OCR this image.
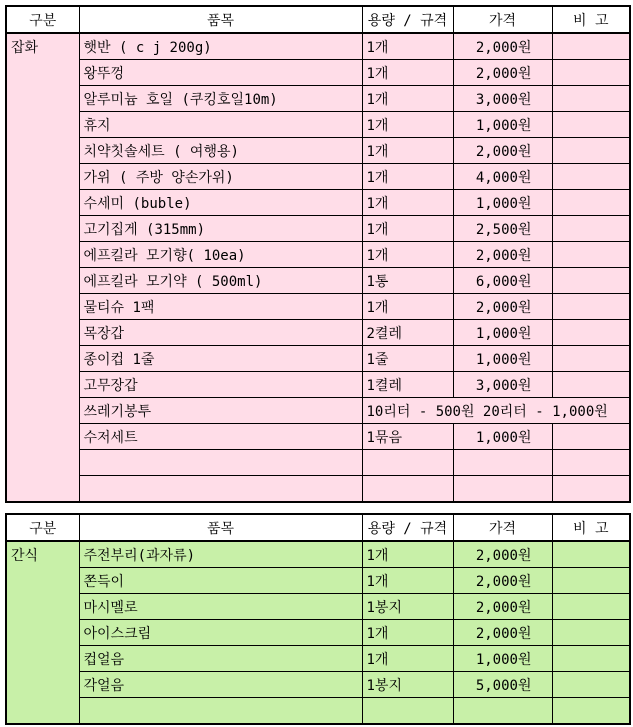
구분	품목	용량 / 규격	가격	비 고
잡화	햇반 ( c j 200g)	1개	2,000원	
	왕뚜껑	1개	2,000원	
	알루미늄 호일 (쿠킹호일10m)	1개	3,000원	
	휴지	1개	1,000원	
	치약칫솔세트 ( 여행용)	1개	2,000원	
	가위 ( 주방 양손가위)	1개	4,000원	
	수세미 (buble)	1개	1,000원	
	고기집게 (315mm)	1개	2,500원	
	에프킬라 모기향( 10ea)	1개	2,000원	
	에프킬라 모기약 ( 500ml)	1통	6,000원	
	물티슈 1팩	1개	2,000원	
	목장갑	2켤레	1,000원	
	종이컵 1줄	1줄	1,000원	
	고무장갑	1켤레	3,000원	
	쓰레기봉투	10리터 - 500원 20리터 - 1,000원		
	수저세트	1묶음	1,000원	

구분	품목	용량 / 규격	가격	비 고
간식	주전부리(과자류)	1개	2,000원	
	쫀득이	1개	2,000원	
	마시멜로	1봉지	2,000원	
	아이스크림	1개	2,000원	
	컵얼음	1개	1,000원	
	각얼음	1봉지	5,000원	
